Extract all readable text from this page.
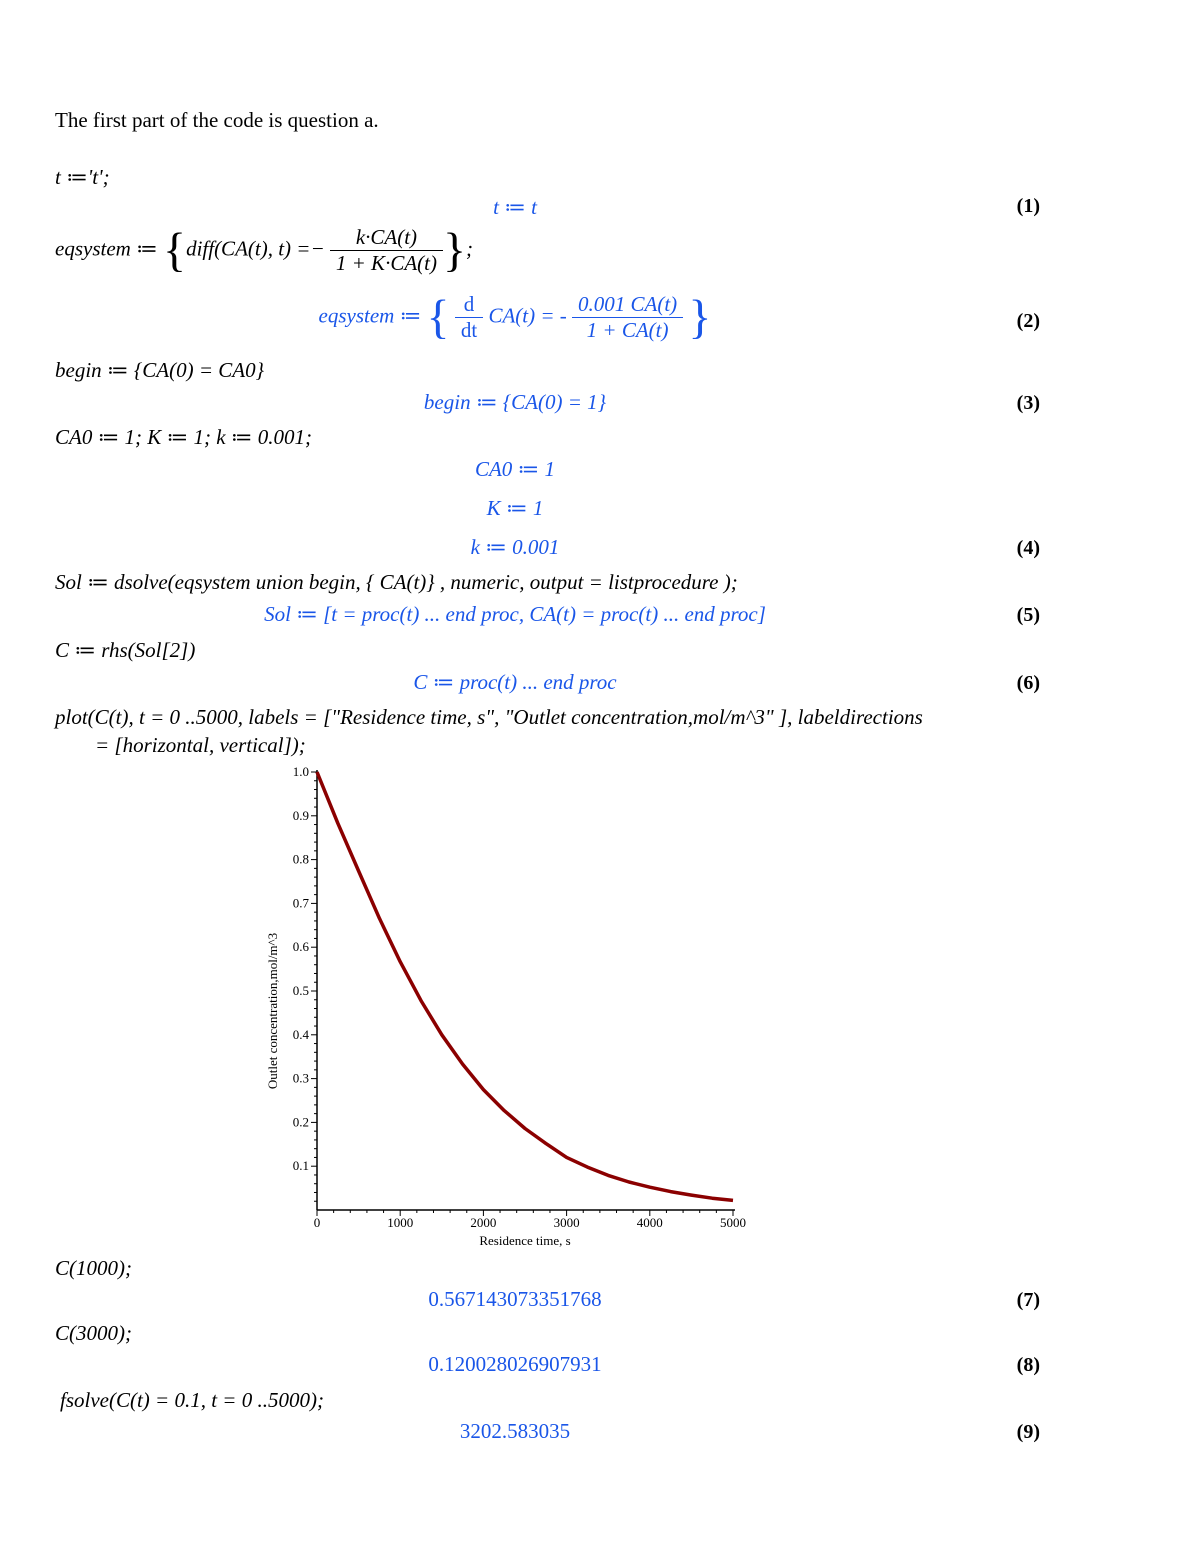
The first part of the code is question a.
t ≔'t';
t ≔ t	(1)
eqsystem ≔ {diff(CA(t), $t) =- \frac{k\cdot CA(t)}{1 + K\cdot CA(t)}$ };
eqsystem ≔ { $\frac{d}{dt} CA(t)$ = - $\frac{0.001 CA(t)}{1 + CA(t)}$ }	(2)
begin ≔ {CA(0) = CA0}
begin ≔ {CA(0) = 1}	(3)
CA0 ≔ 1; K ≔ 1; k ≔ 0.001;
CA0 ≔ 1
K ≔ 1
k ≔ 0.001	(4)
Sol ≔ dsolve(eqsystem union begin, { CA(t)} , numeric, output = listprocedure );
Sol ≔ [t = proc(t) ... end proc, CA(t) = proc(t) ... end proc]	(5)
C ≔ rhs(Sol[2])
C ≔ proc(t) ... end proc	(6)
plot(C(t), t = 0 ..5000, labels = ["Residence time, s", "Outlet concentration,mol/m^3" ], labeldirections
= [horizontal, vertical]);
0	1000	2000	3000	4000	5000
0.1
0.2
0.3
0.4
0.5
0.6
0.7
0.8
0.9
1.0
Residence time, s
Outlet concentration,mol/m^3
C(1000);
0.567143073351768	(7)
C(3000);
0.120028026907931	(8)
fsolve(C(t) = 0.1, t = 0 ..5000);
3202.583035	(9)
